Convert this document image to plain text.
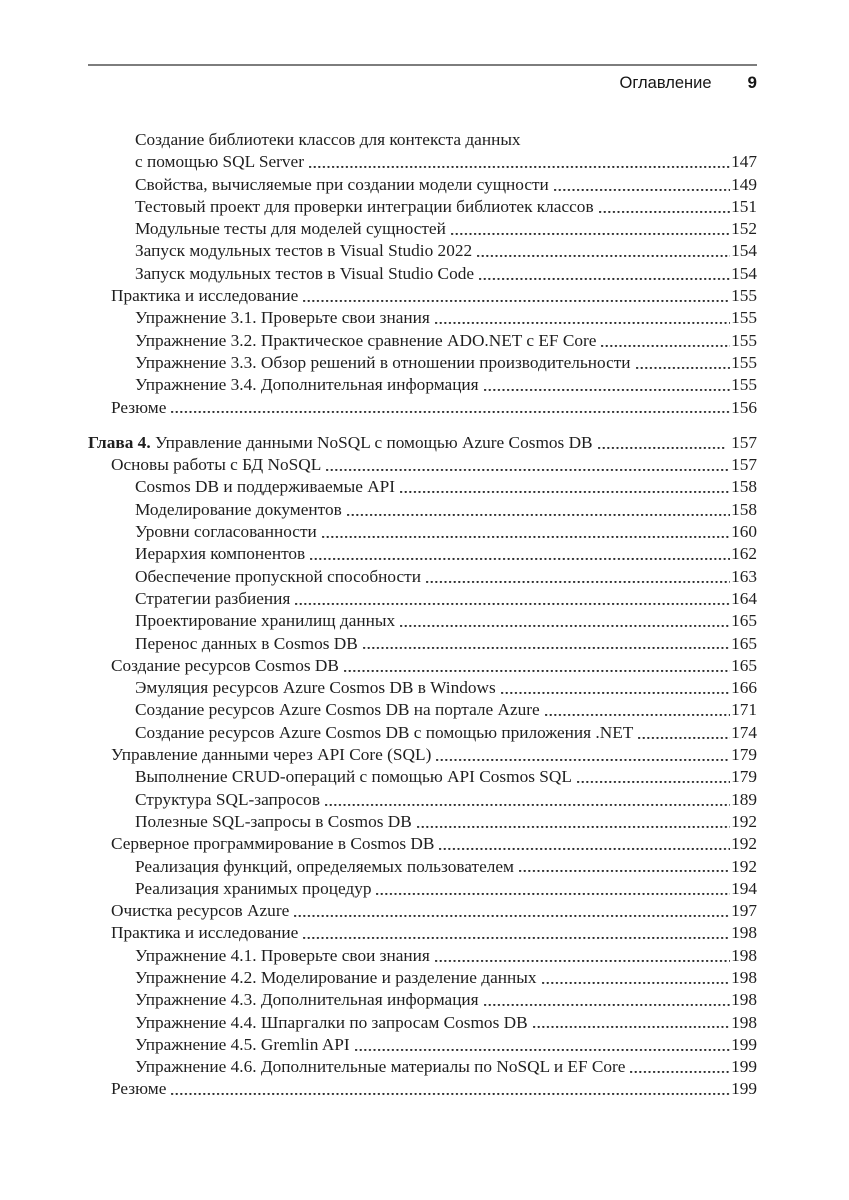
Оглавление 9
Создание библиотеки классов для контекста данных
с помощью SQL Server	147
Свойства, вычисляемые при создании модели сущности	149
Тестовый проект для проверки интеграции библиотек классов	151
Модульные тесты для моделей сущностей	152
Запуск модульных тестов в Visual Studio 2022	154
Запуск модульных тестов в Visual Studio Code	154
Практика и исследование	155
Упражнение 3.1. Проверьте свои знания	155
Упражнение 3.2. Практическое сравнение ADO.NET с EF Core	155
Упражнение 3.3. Обзор решений в отношении производительности	155
Упражнение 3.4. Дополнительная информация	155
Резюме	156
Глава 4. Управление данными NoSQL с помощью Azure Cosmos DB	157
Основы работы с БД NoSQL	157
Cosmos DB и поддерживаемые API	158
Моделирование документов	158
Уровни согласованности	160
Иерархия компонентов	162
Обеспечение пропускной способности	163
Стратегии разбиения	164
Проектирование хранилищ данных	165
Перенос данных в Cosmos DB	165
Создание ресурсов Cosmos DB	165
Эмуляция ресурсов Azure Cosmos DB в Windows	166
Создание ресурсов Azure Cosmos DB на портале Azure	171
Создание ресурсов Azure Cosmos DB с помощью приложения .NET	174
Управление данными через API Core (SQL)	179
Выполнение CRUD-операций с помощью API Cosmos SQL	179
Структура SQL-запросов	189
Полезные SQL-запросы в Cosmos DB	192
Серверное программирование в Cosmos DB	192
Реализация функций, определяемых пользователем	192
Реализация хранимых процедур	194
Очистка ресурсов Azure	197
Практика и исследование	198
Упражнение 4.1. Проверьте свои знания	198
Упражнение 4.2. Моделирование и разделение данных	198
Упражнение 4.3. Дополнительная информация	198
Упражнение 4.4. Шпаргалки по запросам Cosmos DB	198
Упражнение 4.5. Gremlin API	199
Упражнение 4.6. Дополнительные материалы по NoSQL и EF Core	199
Резюме	199
